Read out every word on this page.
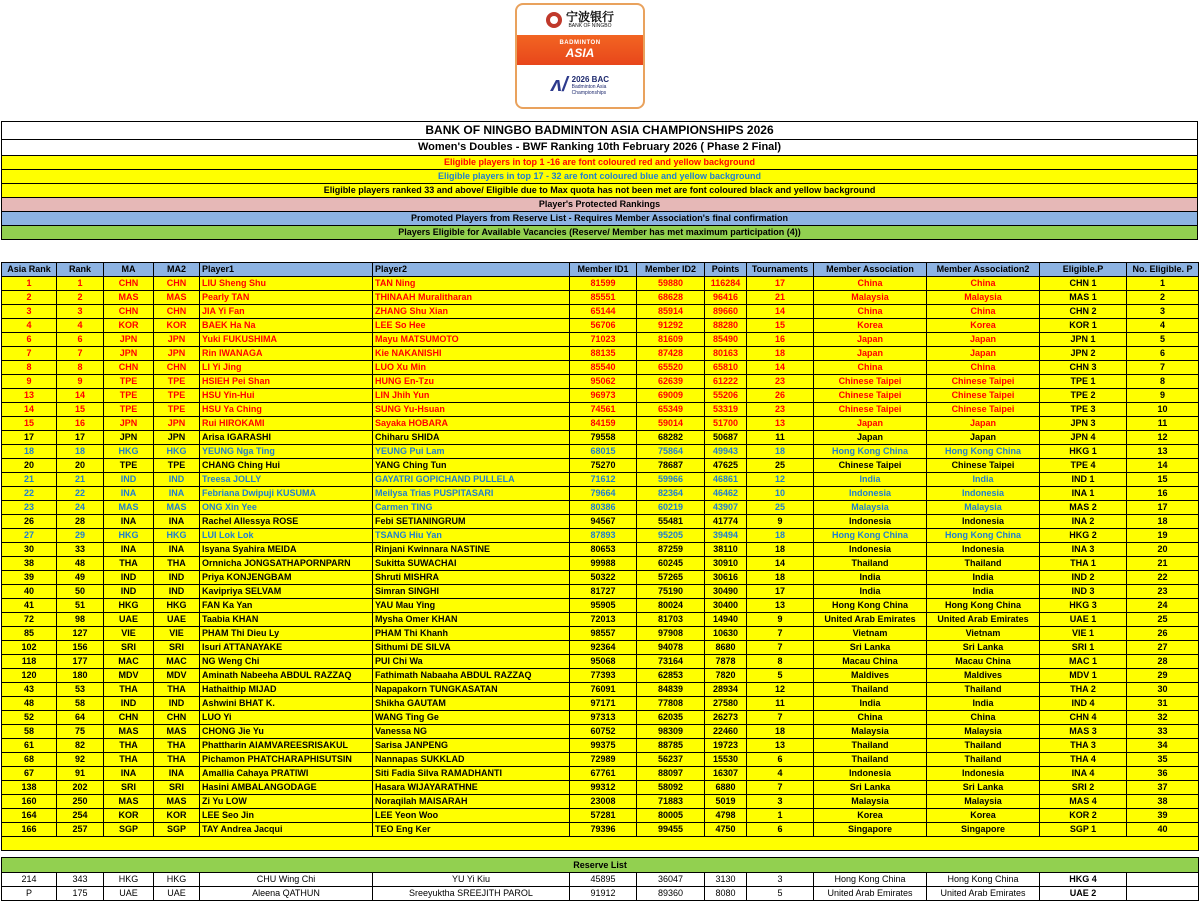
宁波银行
BANK OF NINGBO
BADMINTON
ASIA
ʌ/ 2026 BAC
Badminton Asia
Championships
BANK OF NINGBO BADMINTON ASIA CHAMPIONSHIPS 2026
Women's Doubles - BWF Ranking 10th February 2026 ( Phase 2 Final)
Eligible players in top 1 -16 are font coloured red and yellow background
Eligible players in top 17 - 32 are font coloured blue and yellow background
Eligible players ranked 33 and above/ Eligible due to Max quota has not been met are font coloured black and yellow background
Player's Protected Rankings
Promoted Players from Reserve List - Requires Member Association's final confirmation
Players Eligible for Available Vacancies (Reserve/ Member has met maximum participation (4))
Asia Rank	Rank	MA	MA2	Player1	Player2	Member ID1	Member ID2	Points	Tournaments	Member Association	Member Association2	Eligible.P	No. Eligible. P
1	1	CHN	CHN	LIU Sheng Shu	TAN Ning	81599	59880	116284	17	China	China	CHN 1	1
2	2	MAS	MAS	Pearly TAN	THINAAH Muralitharan	85551	68628	96416	21	Malaysia	Malaysia	MAS 1	2
3	3	CHN	CHN	JIA Yi Fan	ZHANG Shu Xian	65144	85914	89660	14	China	China	CHN 2	3
4	4	KOR	KOR	BAEK Ha Na	LEE So Hee	56706	91292	88280	15	Korea	Korea	KOR 1	4
6	6	JPN	JPN	Yuki FUKUSHIMA	Mayu MATSUMOTO	71023	81609	85490	16	Japan	Japan	JPN 1	5
7	7	JPN	JPN	Rin IWANAGA	Kie NAKANISHI	88135	87428	80163	18	Japan	Japan	JPN 2	6
8	8	CHN	CHN	LI Yi Jing	LUO Xu Min	85540	65520	65810	14	China	China	CHN 3	7
9	9	TPE	TPE	HSIEH Pei Shan	HUNG En-Tzu	95062	62639	61222	23	Chinese Taipei	Chinese Taipei	TPE 1	8
13	14	TPE	TPE	HSU Yin-Hui	LIN Jhih Yun	96973	69009	55206	26	Chinese Taipei	Chinese Taipei	TPE 2	9
14	15	TPE	TPE	HSU Ya Ching	SUNG Yu-Hsuan	74561	65349	53319	23	Chinese Taipei	Chinese Taipei	TPE 3	10
15	16	JPN	JPN	Rui HIROKAMI	Sayaka HOBARA	84159	59014	51700	13	Japan	Japan	JPN 3	11
17	17	JPN	JPN	Arisa IGARASHI	Chiharu SHIDA	79558	68282	50687	11	Japan	Japan	JPN 4	12
18	18	HKG	HKG	YEUNG Nga Ting	YEUNG Pui Lam	68015	75864	49943	18	Hong Kong China	Hong Kong China	HKG 1	13
20	20	TPE	TPE	CHANG Ching Hui	YANG Ching Tun	75270	78687	47625	25	Chinese Taipei	Chinese Taipei	TPE 4	14
21	21	IND	IND	Treesa JOLLY	GAYATRI GOPICHAND PULLELA	71612	59966	46861	12	India	India	IND 1	15
22	22	INA	INA	Febriana Dwipuji KUSUMA	Meilysa Trias PUSPITASARI	79664	82364	46462	10	Indonesia	Indonesia	INA 1	16
23	24	MAS	MAS	ONG Xin Yee	Carmen TING	80386	60219	43907	25	Malaysia	Malaysia	MAS 2	17
26	28	INA	INA	Rachel Allessya ROSE	Febi SETIANINGRUM	94567	55481	41774	9	Indonesia	Indonesia	INA 2	18
27	29	HKG	HKG	LUI Lok Lok	TSANG Hiu Yan	87893	95205	39494	18	Hong Kong China	Hong Kong China	HKG 2	19
30	33	INA	INA	Isyana Syahira MEIDA	Rinjani Kwinnara NASTINE	80653	87259	38110	18	Indonesia	Indonesia	INA 3	20
38	48	THA	THA	Ornnicha JONGSATHAPORNPARN	Sukitta SUWACHAI	99988	60245	30910	14	Thailand	Thailand	THA 1	21
39	49	IND	IND	Priya KONJENGBAM	Shruti MISHRA	50322	57265	30616	18	India	India	IND 2	22
40	50	IND	IND	Kavipriya SELVAM	Simran SINGHI	81727	75190	30490	17	India	India	IND 3	23
41	51	HKG	HKG	FAN Ka Yan	YAU Mau Ying	95905	80024	30400	13	Hong Kong China	Hong Kong China	HKG 3	24
72	98	UAE	UAE	Taabia KHAN	Mysha Omer KHAN	72013	81703	14940	9	United Arab Emirates	United Arab Emirates	UAE 1	25
85	127	VIE	VIE	PHAM Thi Dieu Ly	PHAM Thi Khanh	98557	97908	10630	7	Vietnam	Vietnam	VIE 1	26
102	156	SRI	SRI	Isuri ATTANAYAKE	Sithumi DE SILVA	92364	94078	8680	7	Sri Lanka	Sri Lanka	SRI 1	27
118	177	MAC	MAC	NG Weng Chi	PUI Chi Wa	95068	73164	7878	8	Macau China	Macau China	MAC 1	28
120	180	MDV	MDV	Aminath Nabeeha ABDUL RAZZAQ	Fathimath Nabaaha ABDUL RAZZAQ	77393	62853	7820	5	Maldives	Maldives	MDV 1	29
43	53	THA	THA	Hathaithip MIJAD	Napapakorn TUNGKASATAN	76091	84839	28934	12	Thailand	Thailand	THA 2	30
48	58	IND	IND	Ashwini BHAT K.	Shikha GAUTAM	97171	77808	27580	11	India	India	IND 4	31
52	64	CHN	CHN	LUO Yi	WANG Ting Ge	97313	62035	26273	7	China	China	CHN 4	32
58	75	MAS	MAS	CHONG Jie Yu	Vanessa NG	60752	98309	22460	18	Malaysia	Malaysia	MAS 3	33
61	82	THA	THA	Phattharin AIAMVAREESRISAKUL	Sarisa JANPENG	99375	88785	19723	13	Thailand	Thailand	THA 3	34
68	92	THA	THA	Pichamon PHATCHARAPHISUTSIN	Nannapas SUKKLAD	72989	56237	15530	6	Thailand	Thailand	THA 4	35
67	91	INA	INA	Amallia Cahaya PRATIWI	Siti Fadia Silva RAMADHANTI	67761	88097	16307	4	Indonesia	Indonesia	INA 4	36
138	202	SRI	SRI	Hasini AMBALANGODAGE	Hasara WIJAYARATHNE	99312	58092	6880	7	Sri Lanka	Sri Lanka	SRI 2	37
160	250	MAS	MAS	Zi Yu LOW	Noraqilah MAISARAH	23008	71883	5019	3	Malaysia	Malaysia	MAS 4	38
164	254	KOR	KOR	LEE Seo Jin	LEE Yeon Woo	57281	80005	4798	1	Korea	Korea	KOR 2	39
166	257	SGP	SGP	TAY Andrea Jacqui	TEO Eng Ker	79396	99455	4750	6	Singapore	Singapore	SGP 1	40

Reserve List													
214	343	HKG	HKG	CHU Wing Chi	YU Yi Kiu	45895	36047	3130	3	Hong Kong China	Hong Kong China	HKG 4	
P	175	UAE	UAE	Aleena QATHUN	Sreeyuktha SREEJITH PAROL	91912	89360	8080	5	United Arab Emirates	United Arab Emirates	UAE 2	
